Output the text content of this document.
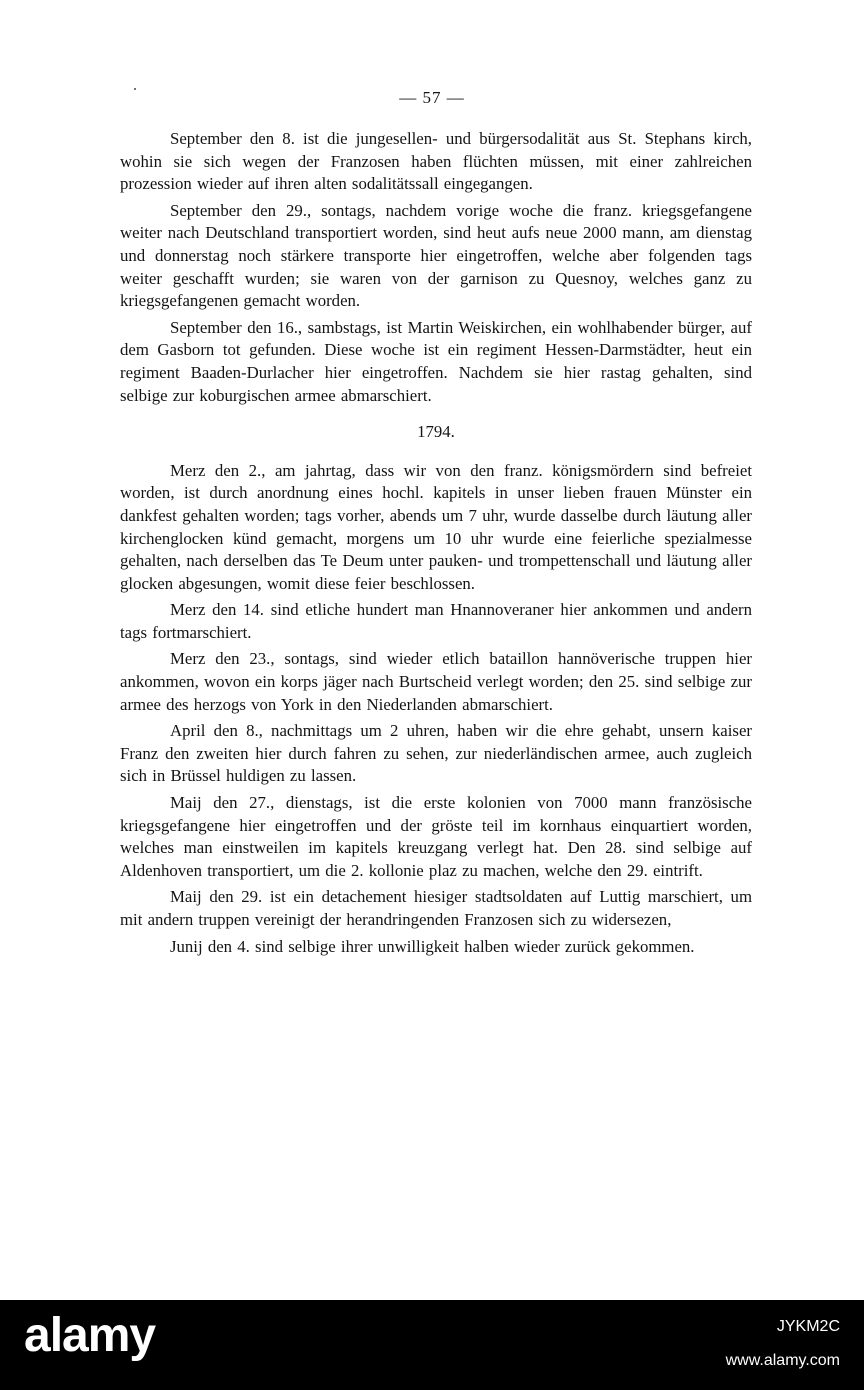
— 57 —

September den 8. ist die jungesellen- und bürgersodalität aus St. Stephans kirch, wohin sie sich wegen der Franzosen haben flüchten müssen, mit einer zahlreichen prozession wieder auf ihren alten sodalitätssall eingegangen.

September den 29., sontags, nachdem vorige woche die franz. kriegsgefangene weiter nach Deutschland transportiert worden, sind heut aufs neue 2000 mann, am dienstag und donnerstag noch stärkere transporte hier eingetroffen, welche aber folgenden tags weiter geschafft wurden; sie waren von der garnison zu Quesnoy, welches ganz zu kriegsgefangenen gemacht worden.

September den 16., sambstags, ist Martin Weiskirchen, ein wohlhabender bürger, auf dem Gasborn tot gefunden. Diese woche ist ein regiment Hessen-Darmstädter, heut ein regiment Baaden-Durlacher hier eingetroffen. Nachdem sie hier rastag gehalten, sind selbige zur koburgischen armee abmarschiert.

1794.

Merz den 2., am jahrtag, dass wir von den franz. königsmördern sind befreiet worden, ist durch anordnung eines hochl. kapitels in unser lieben frauen Münster ein dankfest gehalten worden; tags vorher, abends um 7 uhr, wurde dasselbe durch läutung aller kirchenglocken künd gemacht, morgens um 10 uhr wurde eine feierliche spezialmesse gehalten, nach derselben das Te Deum unter pauken- und trompettenschall und läutung aller glocken abgesungen, womit diese feier beschlossen.

Merz den 14. sind etliche hundert man Hnannoveraner hier ankommen und andern tags fortmarschiert.

Merz den 23., sontags, sind wieder etlich bataillon hannöverische truppen hier ankommen, wovon ein korps jäger nach Burtscheid verlegt worden; den 25. sind selbige zur armee des herzogs von York in den Niederlanden abmarschiert.

April den 8., nachmittags um 2 uhren, haben wir die ehre gehabt, unsern kaiser Franz den zweiten hier durch fahren zu sehen, zur niederländischen armee, auch zugleich sich in Brüssel huldigen zu lassen.

Maij den 27., dienstags, ist die erste kolonien von 7000 mann französische kriegsgefangene hier eingetroffen und der gröste teil im kornhaus einquartiert worden, welches man einstweilen im kapitels kreuzgang verlegt hat. Den 28. sind selbige auf Aldenhoven transportiert, um die 2. kollonie plaz zu machen, welche den 29. eintrift.

Maij den 29. ist ein detachement hiesiger stadtsoldaten auf Luttig marschiert, um mit andern truppen vereinigt der herandringenden Franzosen sich zu widersezen,

Junij den 4. sind selbige ihrer unwilligkeit halben wieder zurück gekommen.

alamy	JYKM2C
www.alamy.com
